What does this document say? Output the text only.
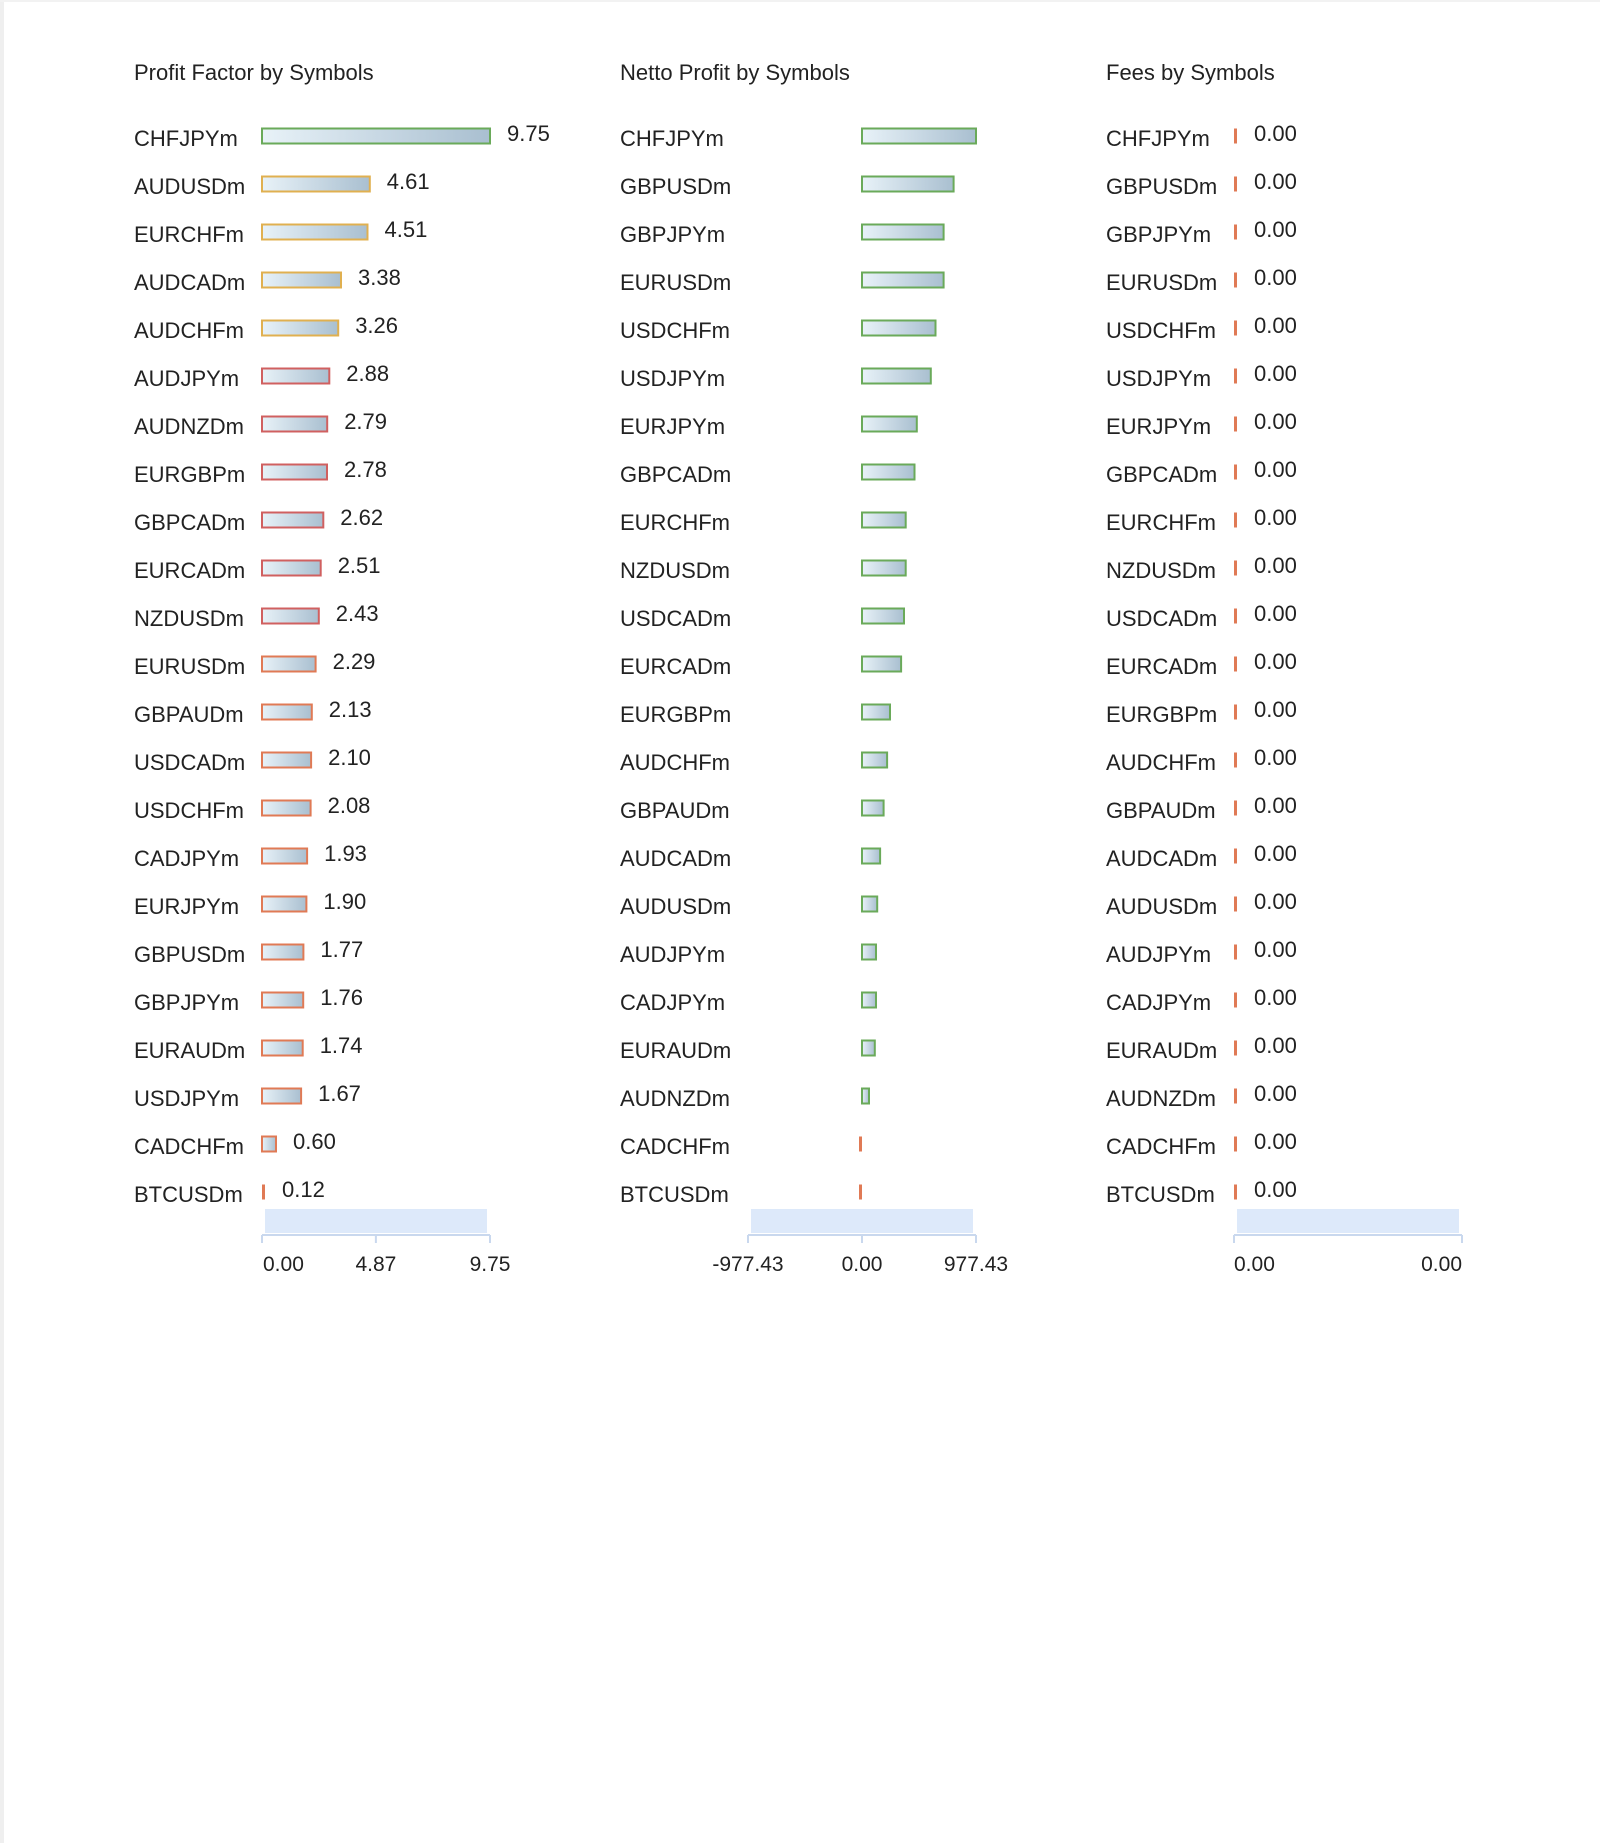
Profit Factor by Symbols
CHFJPYm	9.75
AUDUSDm	4.61
EURCHFm	4.51
AUDCADm	3.38
AUDCHFm	3.26
AUDJPYm	2.88
AUDNZDm	2.79
EURGBPm	2.78
GBPCADm	2.62
EURCADm	2.51
NZDUSDm	2.43
EURUSDm	2.29
GBPAUDm	2.13
USDCADm	2.10
USDCHFm	2.08
CADJPYm	1.93
EURJPYm	1.90
GBPUSDm	1.77
GBPJPYm	1.76
EURAUDm	1.74
USDJPYm	1.67
CADCHFm 0.60
BTCUSDm 0.12
0.00 4.87	9.75
Netto Profit by Symbols
CHFJPYm
GBPUSDm
GBPJPYm
EURUSDm
USDCHFm
USDJPYm
EURJPYm
GBPCADm
EURCHFm
NZDUSDm
USDCADm
EURCADm
EURGBPm
AUDCHFm
GBPAUDm
AUDCADm
AUDUSDm
AUDJPYm
CADJPYm
EURAUDm
AUDNZDm
CADCHFm
BTCUSDm
-977.43	0.00	977.43
Fees by Symbols
CHFJPYm 0.00
GBPUSDm 0.00
GBPJPYm 0.00
EURUSDm 0.00
USDCHFm 0.00
USDJPYm 0.00
EURJPYm 0.00
GBPCADm 0.00
EURCHFm 0.00
NZDUSDm 0.00
USDCADm 0.00
EURCADm 0.00
EURGBPm 0.00
AUDCHFm 0.00
GBPAUDm 0.00
AUDCADm 0.00
AUDUSDm 0.00
AUDJPYm 0.00
CADJPYm 0.00
EURAUDm 0.00
AUDNZDm 0.00
CADCHFm 0.00
BTCUSDm 0.00
0.00	0.00
